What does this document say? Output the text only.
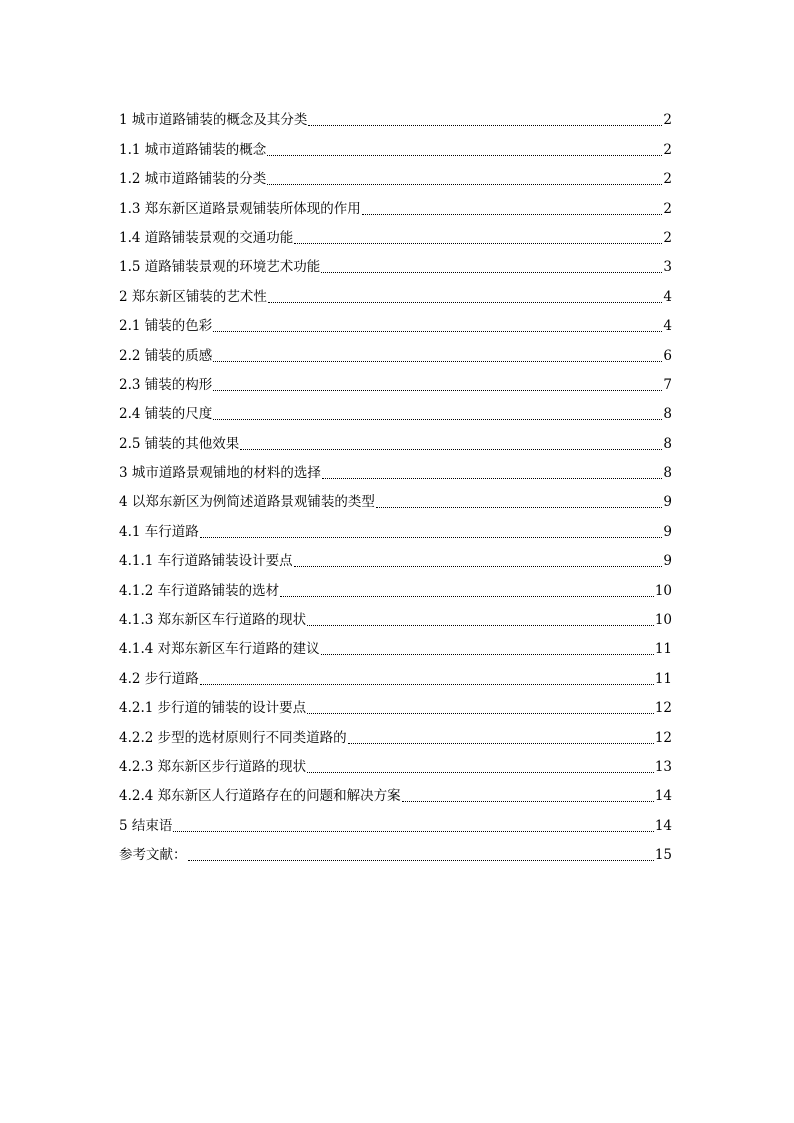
1 城市道路铺装的概念及其分类	2
1.1 城市道路铺装的概念	2
1.2 城市道路铺装的分类	2
1.3 郑东新区道路景观铺装所体现的作用	2
1.4 道路铺装景观的交通功能	2
1.5 道路铺装景观的环境艺术功能	3
2 郑东新区铺装的艺术性	4
2.1 铺装的色彩	4
2.2 铺装的质感	6
2.3 铺装的构形	7
2.4 铺装的尺度	8
2.5 铺装的其他效果	8
3 城市道路景观铺地的材料的选择	8
4 以郑东新区为例简述道路景观铺装的类型	9
4.1 车行道路	9
4.1.1 车行道路铺装设计要点	9
4.1.2 车行道路铺装的选材	10
4.1.3 郑东新区车行道路的现状	10
4.1.4 对郑东新区车行道路的建议	11
4.2 步行道路	11
4.2.1 步行道的铺装的设计要点	12
4.2.2 步型的选材原则行不同类道路的	12
4.2.3 郑东新区步行道路的现状	13
4.2.4 郑东新区人行道路存在的问题和解决方案	14
5 结束语	14
参考文献：	15
